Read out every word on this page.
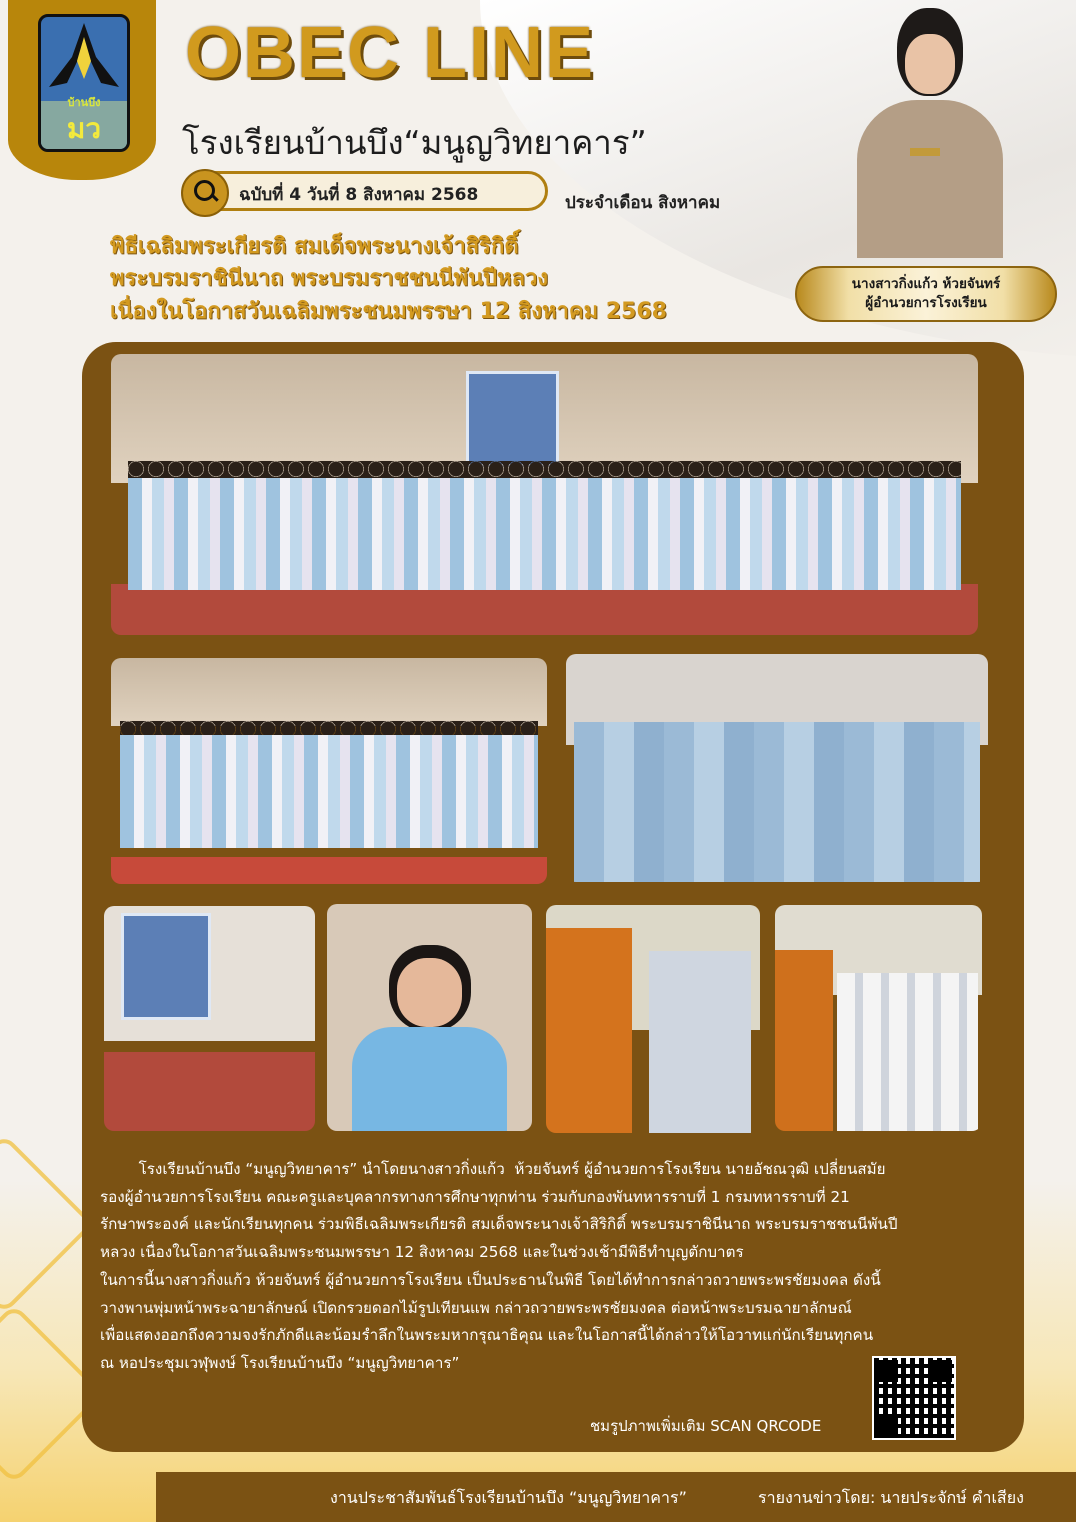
บ้านบึง
มว
OBEC LINE
โรงเรียนบ้านบึง“มนูญวิทยาคาร”
ฉบับที่ 4 วันที่ 8 สิงหาคม 2568	ประจำเดือน สิงหาคม
พิธีเฉลิมพระเกียรติ สมเด็จพระนางเจ้าสิริกิติ์
พระบรมราชินีนาถ พระบรมราชชนนีพันปีหลวง
เนื่องในโอกาสวันเฉลิมพระชนมพรรษา 12 สิงหาคม 2568
นางสาวกิ่งแก้ว ห้วยจันทร์
ผู้อำนวยการโรงเรียน

โรงเรียนบ้านบึง “มนูญวิทยาคาร” นำโดยนางสาวกิ่งแก้ว  ห้วยจันทร์ ผู้อำนวยการโรงเรียน นายอัชณวุฒิ เปลี่ยนสมัย

รองผู้อำนวยการโรงเรียน คณะครูและบุคลากรทางการศึกษาทุกท่าน ร่วมกับกองพันทหารราบที่ 1 กรมทหารราบที่ 21

รักษาพระองค์ และนักเรียนทุกคน ร่วมพิธีเฉลิมพระเกียรติ สมเด็จพระนางเจ้าสิริกิติ์ พระบรมราชินีนาถ พระบรมราชชนนีพันปี

หลวง เนื่องในโอกาสวันเฉลิมพระชนมพรรษา 12 สิงหาคม 2568 และในช่วงเช้ามีพิธีทำบุญตักบาตร

ในการนี้นางสาวกิ่งแก้ว ห้วยจันทร์ ผู้อำนวยการโรงเรียน เป็นประธานในพิธี โดยได้ทำการกล่าวถวายพระพรชัยมงคล ดังนี้

วางพานพุ่มหน้าพระฉายาลักษณ์ เปิดกรวยดอกไม้รูปเทียนแพ กล่าวถวายพระพรชัยมงคล ต่อหน้าพระบรมฉายาลักษณ์

เพื่อแสดงออกถึงความจงรักภักดีและน้อมรำลึกในพระมหากรุณาธิคุณ และในโอกาสนี้ได้กล่าวให้โอวาทแก่นักเรียนทุกคน

ณ หอประชุมเวฬุพงษ์ โรงเรียนบ้านบึง “มนูญวิทยาคาร”

ชมรูปภาพเพิ่มเติม SCAN QRCODE
งานประชาสัมพันธ์โรงเรียนบ้านบึง “มนูญวิทยาคาร”	รายงานข่าวโดย: นายประจักษ์ คำเสียง
